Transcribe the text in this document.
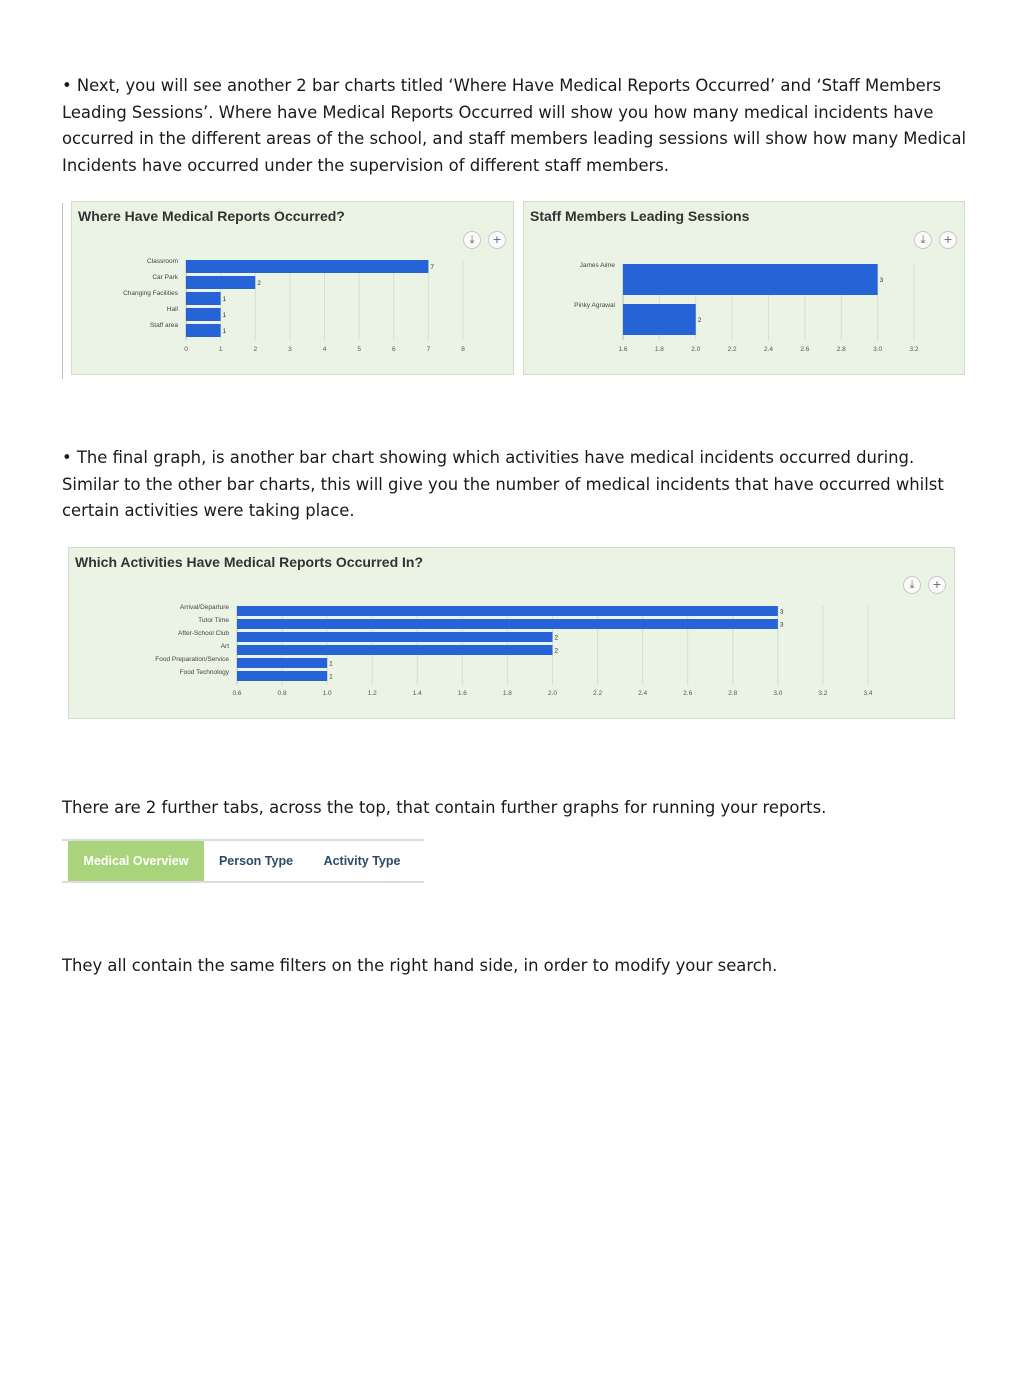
• Next, you will see another 2 bar charts titled ‘Where Have Medical Reports Occurred’ and ‘Staff Members Leading Sessions’. Where have Medical Reports Occurred will show you how many medical incidents have occurred in the different areas of the school, and staff members leading sessions will show how many Medical Incidents have occurred under the supervision of different staff members.

Where Have Medical Reports Occurred?
⤓	+
0	1	2	3	4	5	6	7	8
7
2
1
1
1
Classroom
Car Park
Changing Facilities
Hall
Staff area
Staff Members Leading Sessions
⤓	+
1.6	1.8	2.0	2.2	2.4	2.6	2.8	3.0	3.2
3
2
James Aime
Pinky Agrawal

• The final graph, is another bar chart showing which activities have medical incidents occurred during. Similar to the other bar charts, this will give you the number of medical incidents that have occurred whilst certain activities were taking place.

Which Activities Have Medical Reports Occurred In?
⤓	+
0.6	0.8	1.0	1.2	1.4	1.6	1.8	2.0	2.2	2.4	2.6	2.8	3.0	3.2	3.4
3
3
2
2
1
1
Arrival/Departure
Tutor Time
After-School Club
Art
Food Preparation/Service
Food Technology

There are 2 further tabs, across the top, that contain further graphs for running your reports.

Medical Overview	Person Type	Activity Type

They all contain the same filters on the right hand side, in order to modify your search.
